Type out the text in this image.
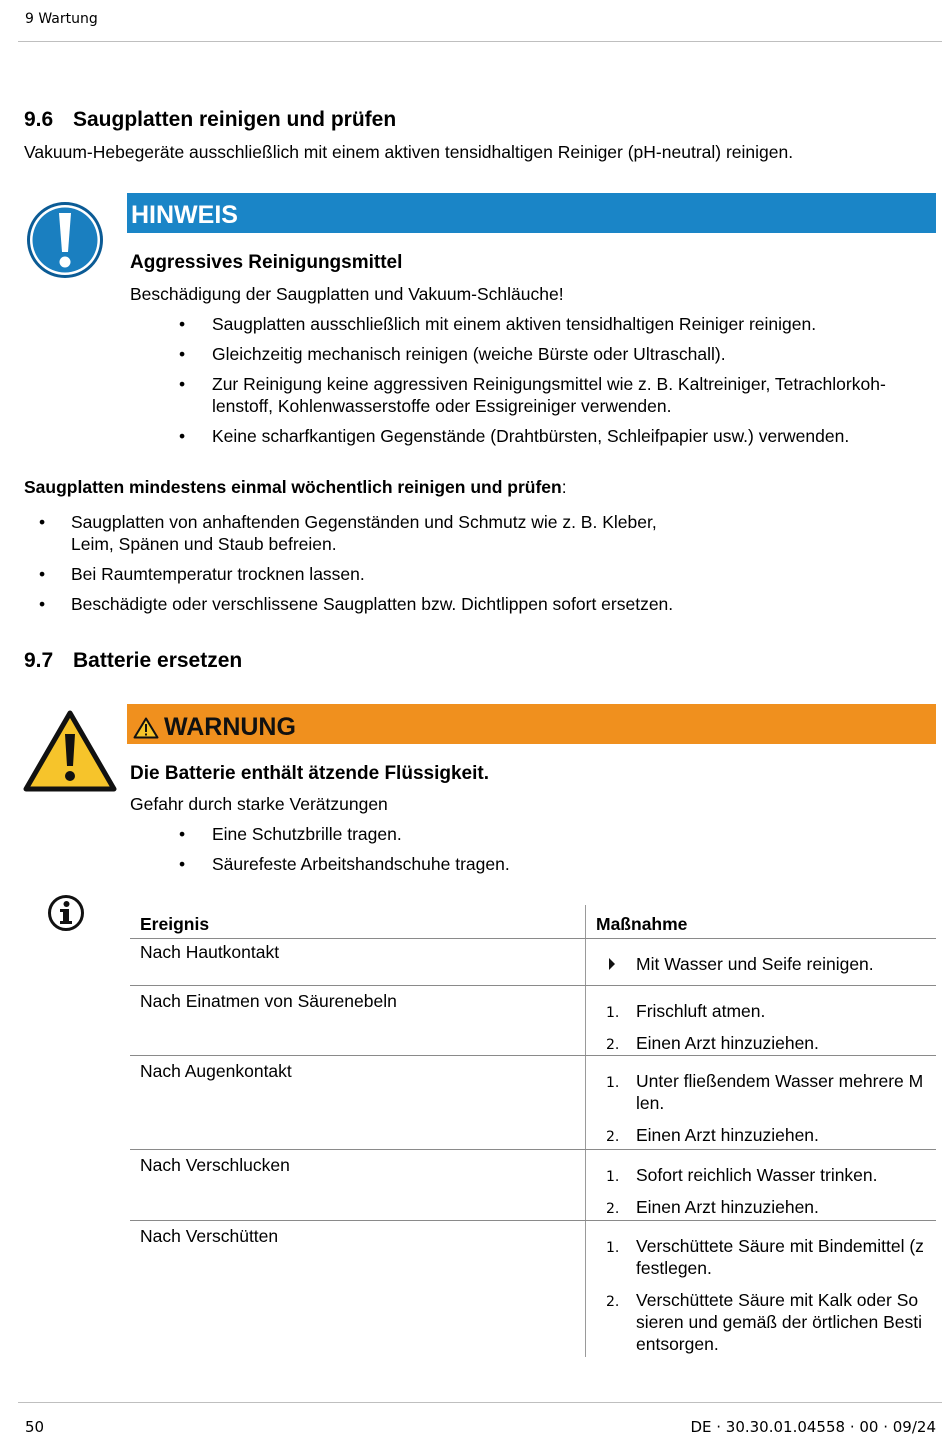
9 Wartung
9.6 Saugplatten reinigen und prüfen
Vakuum-Hebegeräte ausschließlich mit einem aktiven tensidhaltigen Reiniger (pH-neutral) reinigen.
HINWEIS
Aggressives Reinigungsmittel
Beschädigung der Saugplatten und Vakuum-Schläuche!
• Saugplatten ausschließlich mit einem aktiven tensidhaltigen Reiniger reinigen.
• Gleichzeitig mechanisch reinigen (weiche Bürste oder Ultraschall).
• Zur Reinigung keine aggressiven Reinigungsmittel wie z. B. Kaltreiniger, Tetrachlorkoh-lenstoff, Kohlenwasserstoffe oder Essigreiniger verwenden.
• Keine scharfkantigen Gegenstände (Drahtbürsten, Schleifpapier usw.) verwenden.
Saugplatten mindestens einmal wöchentlich reinigen und prüfen:
• Saugplatten von anhaftenden Gegenständen und Schmutz wie z. B. Kleber, Leim, Spänen und Staub befreien.
• Bei Raumtemperatur trocknen lassen.
• Beschädigte oder verschlissene Saugplatten bzw. Dichtlippen sofort ersetzen.
9.7 Batterie ersetzen
WARNUNG
Die Batterie enthält ätzende Flüssigkeit.
Gefahr durch starke Verätzungen
• Eine Schutzbrille tragen.
• Säurefeste Arbeitshandschuhe tragen.
Ereignis	Maßnahme
Nach Hautkontakt
Mit Wasser und Seife reinigen.
Nach Einatmen von Säurenebeln
1. Frischluft atmen.
2. Einen Arzt hinzuziehen.
Nach Augenkontakt
1. Unter fließendem Wasser mehrere M
len.
2. Einen Arzt hinzuziehen.
Nach Verschlucken
1. Sofort reichlich Wasser trinken.
2. Einen Arzt hinzuziehen.
Nach Verschütten
1. Verschüttete Säure mit Bindemittel (z
festlegen.
2. Verschüttete Säure mit Kalk oder So
sieren und gemäß der örtlichen Besti
entsorgen.
50	DE · 30.30.01.04558 · 00 · 09/24
